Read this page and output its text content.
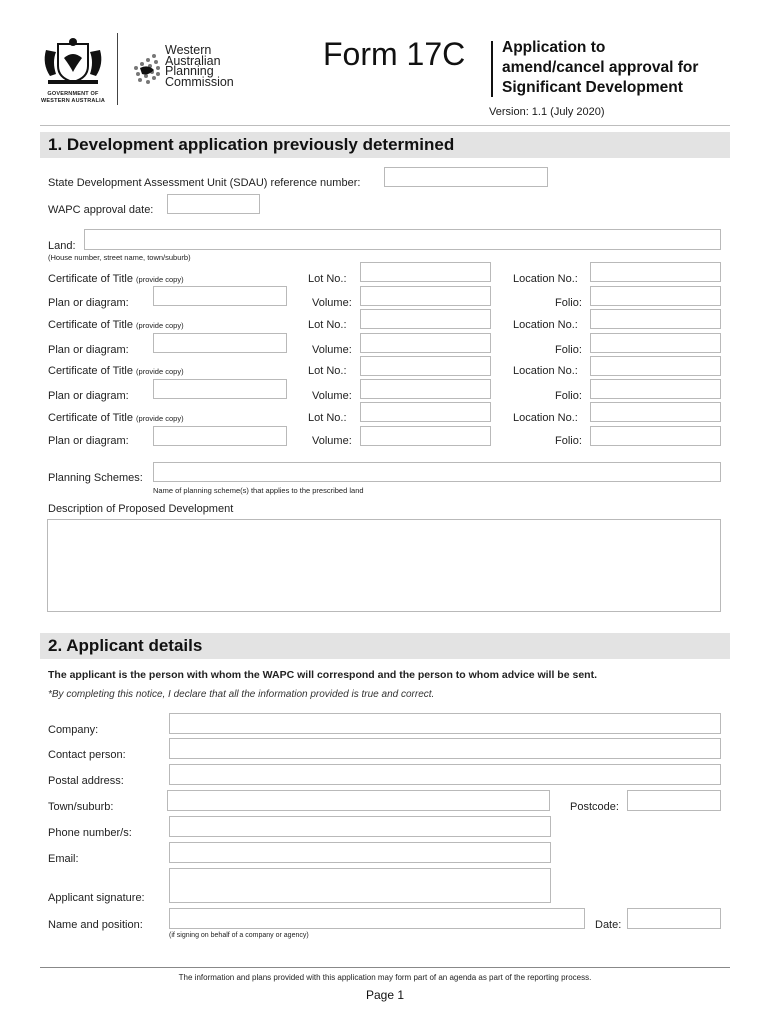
GOVERNMENT OF
WESTERN AUSTRALIA
Western
Australian
Planning
Commission
Form 17C Application to
amend/cancel approval for
Significant Development
Version: 1.1 (July 2020)
1. Development application previously determined
State Development Assessment Unit (SDAU) reference number:
WAPC approval date:
Land:
(House number, street name, town/suburb)
Certificate of Title (provide copy)	Lot No.:	Location No.:
Plan or diagram:	Volume:	Folio:
Certificate of Title (provide copy)	Lot No.:	Location No.:
Plan or diagram:	Volume:	Folio:
Certificate of Title (provide copy)	Lot No.:	Location No.:
Plan or diagram:	Volume:	Folio:
Certificate of Title (provide copy)	Lot No.:	Location No.:
Plan or diagram:	Volume:	Folio:
Planning Schemes:
Name of planning scheme(s) that applies to the prescribed land
Description of Proposed Development
2. Applicant details
The applicant is the person with whom the WAPC will correspond and the person to whom advice will be sent.
*By completing this notice, I declare that all the information provided is true and correct.
Company:
Contact person:
Postal address:
Town/suburb:	Postcode:
Phone number/s:
Email:
Applicant signature:
Name and position:
(if signing on behalf of a company or agency)
Date:
The information and plans provided with this application may form part of an agenda as part of the reporting process.
Page 1
